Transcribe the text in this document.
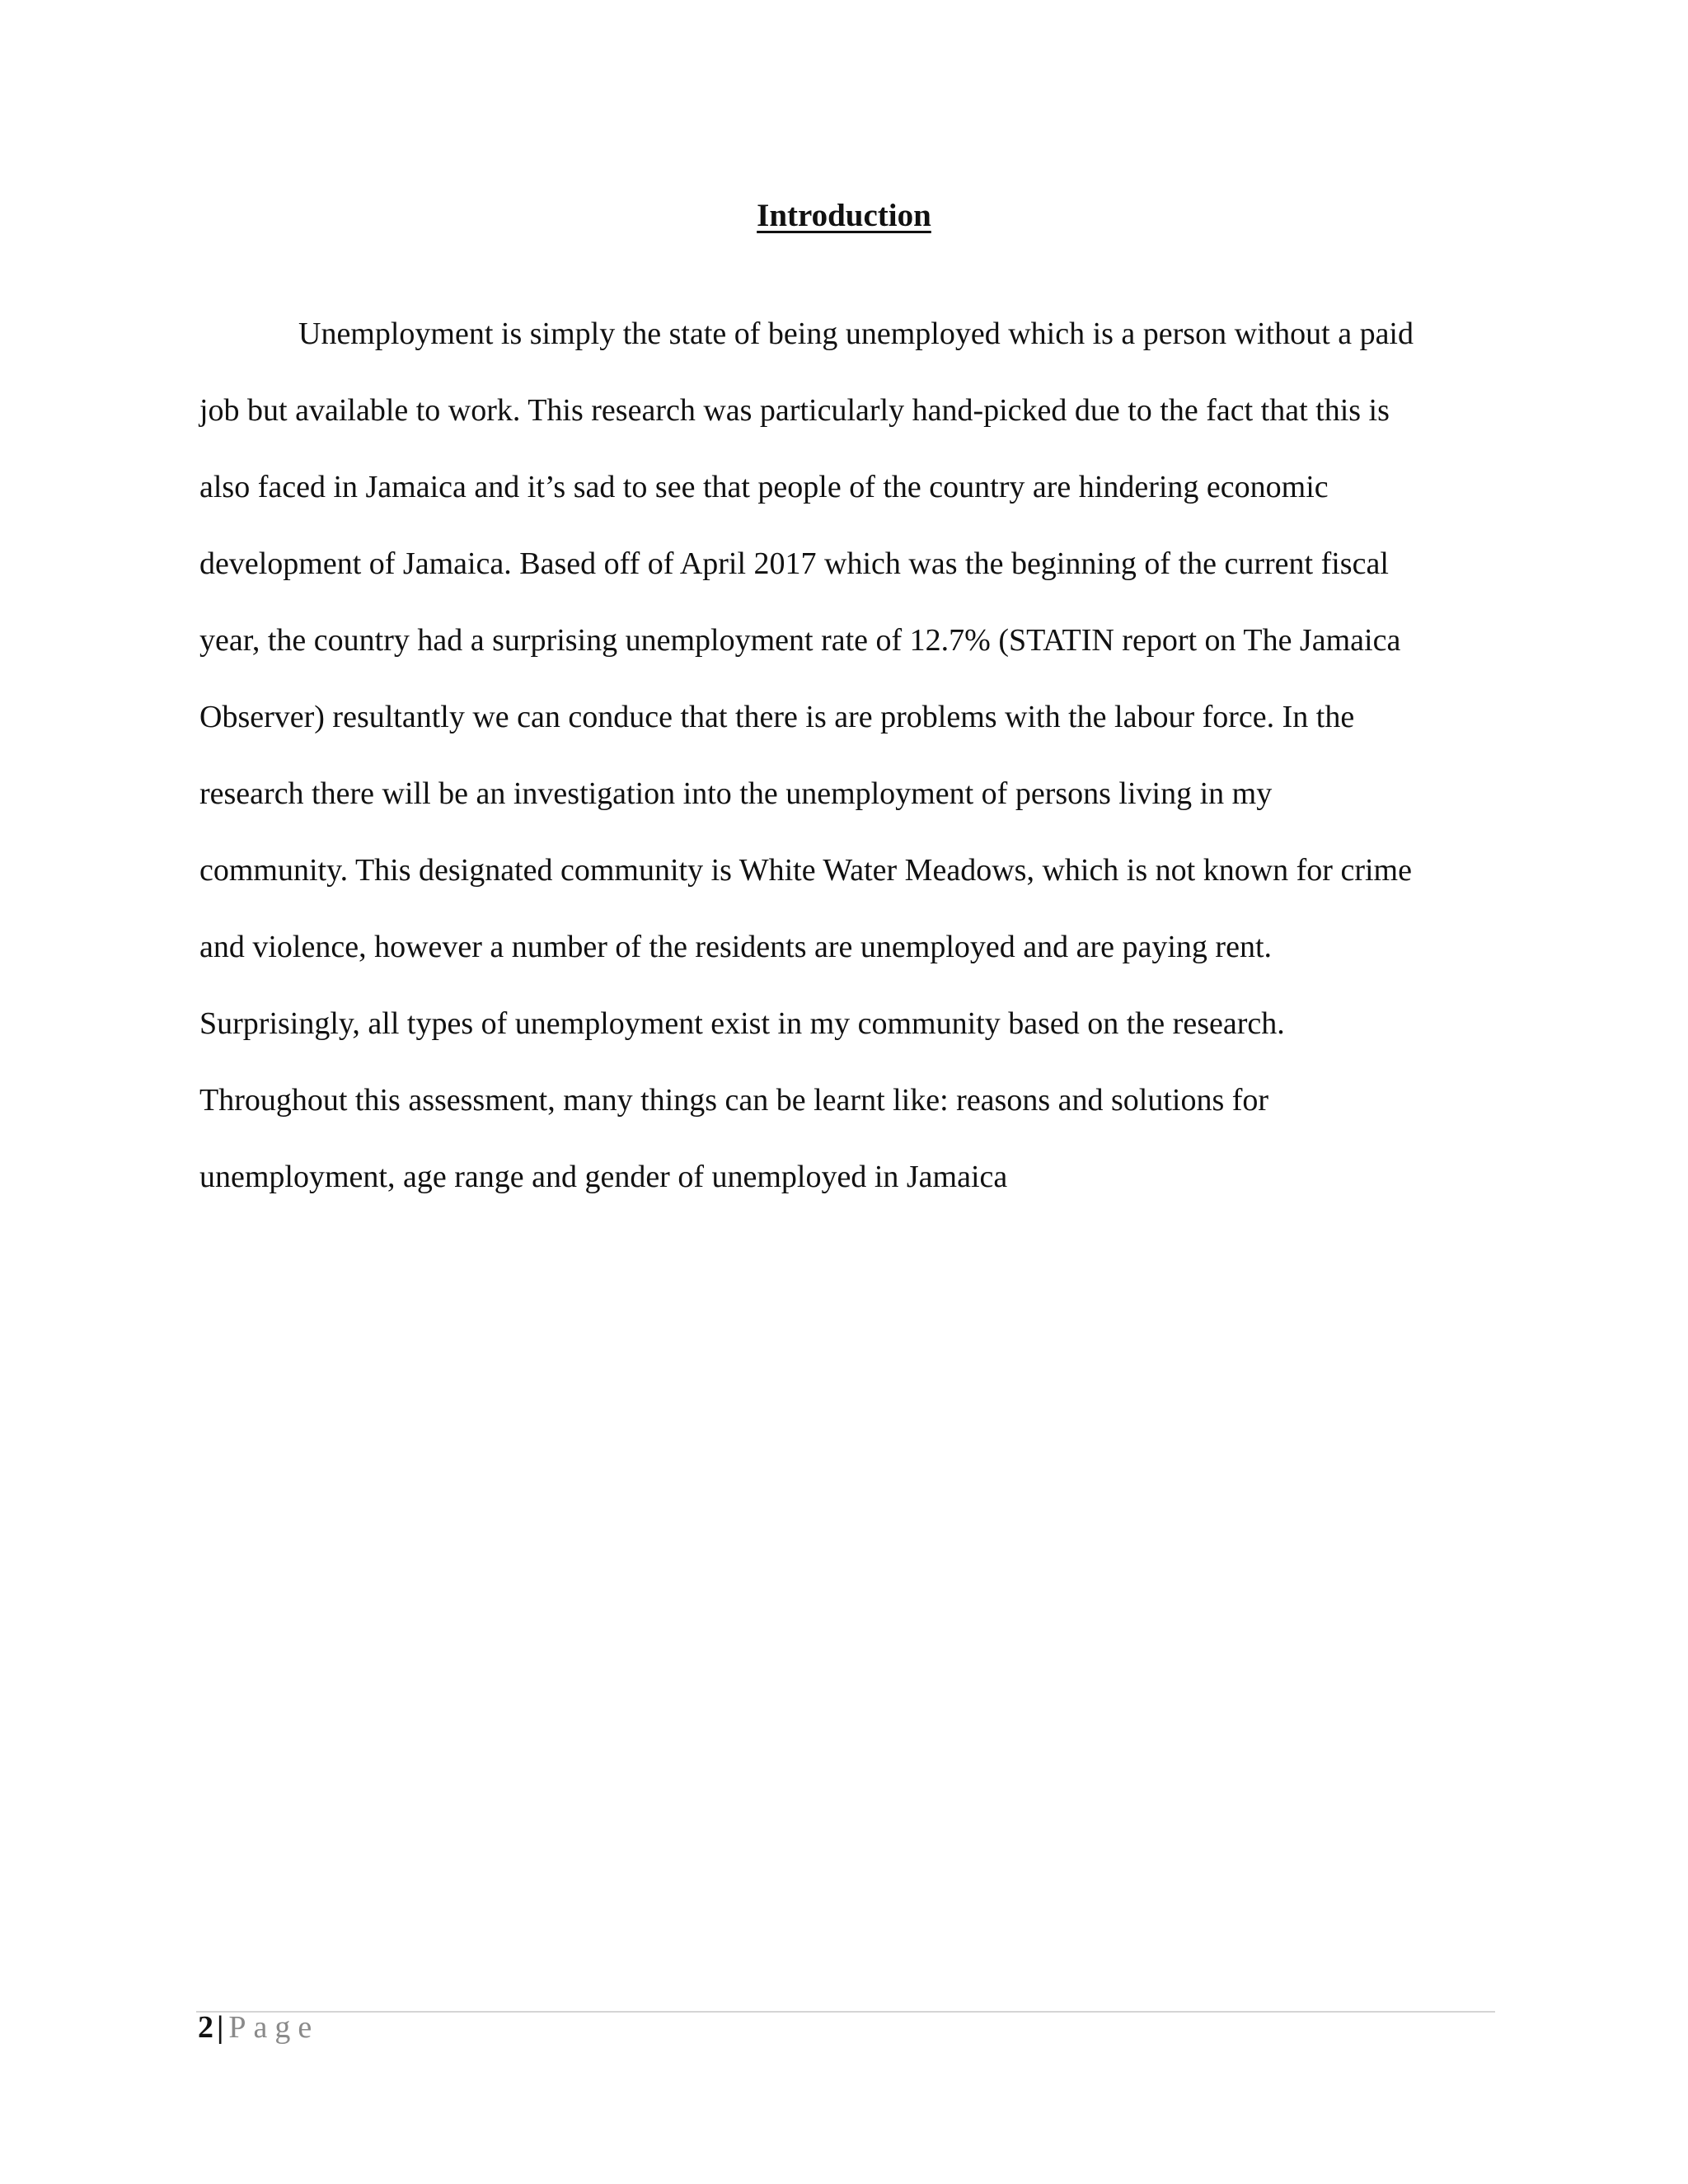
Introduction
Unemployment is simply the state of being unemployed which is a person without a paid
job but available to work. This research was particularly hand-picked due to the fact that this is
also faced in Jamaica and it’s sad to see that people of the country are hindering economic
development of Jamaica. Based off of April 2017 which was the beginning of the current fiscal
year, the country had a surprising unemployment rate of 12.7% (STATIN report on The Jamaica
Observer) resultantly we can conduce that there is are problems with the labour force. In the
research there will be an investigation into the unemployment of persons living in my
community. This designated community is White Water Meadows, which is not known for crime
and violence, however a number of the residents are unemployed and are paying rent.
Surprisingly, all types of unemployment exist in my community based on the research.
Throughout this assessment, many things can be learnt like: reasons and solutions for
unemployment, age range and gender of unemployed in Jamaica
2 | Page
